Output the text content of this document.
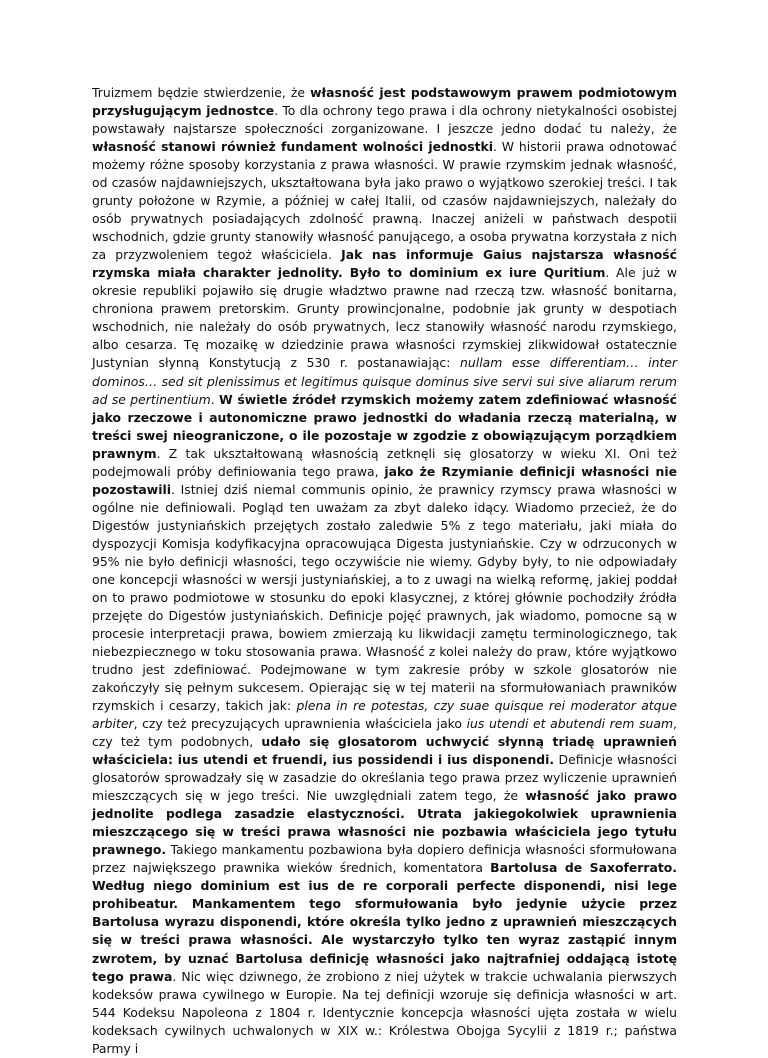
Truizmem będzie stwierdzenie, że własność jest podstawowym prawem podmiotowym przysługującym jednostce. To dla ochrony tego prawa i dla ochrony nietykalności osobistej powstawały najstarsze społeczności zorganizowane. I jeszcze jedno dodać tu należy, że własność stanowi również fundament wolności jednostki. W historii prawa odnotować możemy różne sposoby korzystania z prawa własności. W prawie rzymskim jednak własność, od czasów najdawniejszych, ukształtowana była jako prawo o wyjątkowo szerokiej treści. I tak grunty położone w Rzymie, a później w całej Italii, od czasów najdawniejszych, należały do osób prywatnych posiadających zdolność prawną. Inaczej aniżeli w państwach despotii wschodnich, gdzie grunty stanowiły własność panującego, a osoba prywatna korzystała z nich za przyzwoleniem tegoż właściciela. Jak nas informuje Gaius najstarsza własność rzymska miała charakter jednolity. Było to dominium ex iure Quritium. Ale już w okresie republiki pojawiło się drugie władztwo prawne nad rzeczą tzw. własność bonitarna, chroniona prawem pretorskim. Grunty prowincjonalne, podobnie jak grunty w despotiach wschodnich, nie należały do osób prywatnych, lecz stanowiły własność narodu rzymskiego, albo cesarza. Tę mozaikę w dziedzinie prawa własności rzymskiej zlikwidował ostatecznie Justynian słynną Konstytucją z 530 r. postanawiając: nullam esse differentiam… inter dominos… sed sit plenissimus et legitimus quisque dominus sive servi sui sive aliarum rerum ad se pertinentium. W świetle źródeł rzymskich możemy zatem zdefiniować własność jako rzeczowe i autonomiczne prawo jednostki do władania rzeczą materialną, w treści swej nieograniczone, o ile pozostaje w zgodzie z obowiązującym porządkiem prawnym. Z tak ukształtowaną własnością zetknęli się glosatorzy w wieku XI. Oni też podejmowali próby definiowania tego prawa, jako że Rzymianie definicji własności nie pozostawili. Istniej dziś niemal communis opinio, że prawnicy rzymscy prawa własności w ogólne nie definiowali. Pogląd ten uważam za zbyt daleko idący. Wiadomo przecież, że do Digestów justyniańskich przejętych zostało zaledwie 5% z tego materiału, jaki miała do dyspozycji Komisja kodyfikacyjna opracowująca Digesta justyniańskie. Czy w odrzuconych w 95% nie było definicji własności, tego oczywiście nie wiemy. Gdyby były, to nie odpowiadały one koncepcji własności w wersji justyniańskiej, a to z uwagi na wielką reformę, jakiej poddał on to prawo podmiotowe w stosunku do epoki klasycznej, z której głównie pochodziły źródła przejęte do Digestów justyniańskich. Definicje pojęć prawnych, jak wiadomo, pomocne są w procesie interpretacji prawa, bowiem zmierzają ku likwidacji zamętu terminologicznego, tak niebezpiecznego w toku stosowania prawa. Własność z kolei należy do praw, które wyjątkowo trudno jest zdefiniować. Podejmowane w tym zakresie próby w szkole glosatorów nie zakończyły się pełnym sukcesem. Opierając się w tej materii na sformułowaniach prawników rzymskich i cesarzy, takich jak: plena in re potestas, czy suae quisque rei moderator atque arbiter, czy też precyzujących uprawnienia właściciela jako ius utendi et abutendi rem suam, czy też tym podobnych, udało się glosatorom uchwycić słynną triadę uprawnień właściciela: ius utendi et fruendi, ius possidendi i ius disponendi. Definicje własności glosatorów sprowadzały się w zasadzie do określania tego prawa przez wyliczenie uprawnień mieszczących się w jego treści. Nie uwzględniali zatem tego, że własność jako prawo jednolite podlega zasadzie elastyczności. Utrata jakiegokolwiek uprawnienia mieszczącego się w treści prawa własności nie pozbawia właściciela jego tytułu prawnego. Takiego mankamentu pozbawiona była dopiero definicja własności sformułowana przez największego prawnika wieków średnich, komentatora Bartolusa de Saxoferrato. Według niego dominium est ius de re corporali perfecte disponendi, nisi lege prohibeatur. Mankamentem tego sformułowania było jedynie użycie przez Bartolusa wyrazu disponendi, które określa tylko jedno z uprawnień mieszczących się w treści prawa własności. Ale wystarczyło tylko ten wyraz zastąpić innym zwrotem, by uznać Bartolusa definicję własności jako najtrafniej oddającą istotę tego prawa. Nic więc dziwnego, że zrobiono z niej użytek w trakcie uchwalania pierwszych kodeksów prawa cywilnego w Europie. Na tej definicji wzoruje się definicja własności w art. 544 Kodeksu Napoleona z 1804 r. Identycznie koncepcja własności ujęta została w wielu kodeksach cywilnych uchwalonych w XIX w.: Królestwa Obojga Sycylii z 1819 r.; państwa Parmy i
